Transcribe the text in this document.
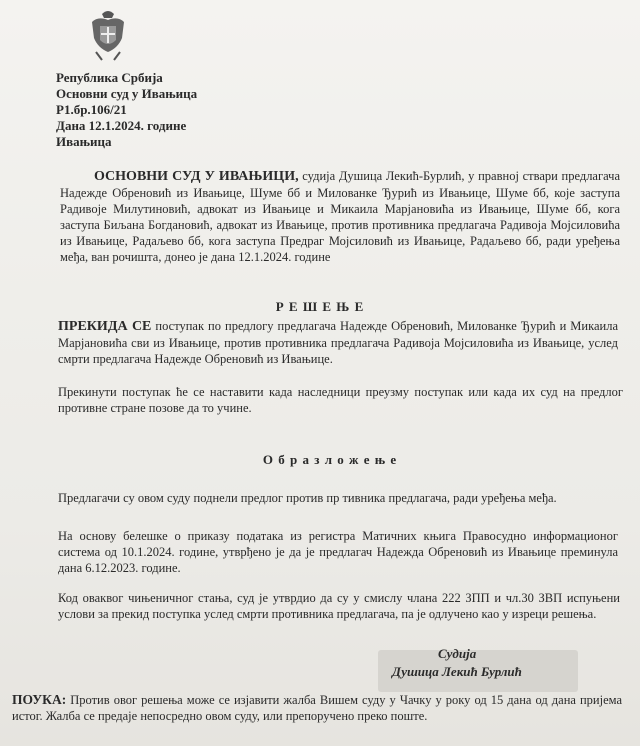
Република Србија
Основни суд у Ивањица
Р1.бр.106/21
Дана 12.1.2024. године
Ивањица

ОСНОВНИ СУД У ИВАЊИЦИ, судија Душица Лекић-Бурлић, у правној ствари предлагача Надежде Обреновић из Ивањице, Шуме бб и Милованке Ђурић из Ивањице, Шуме бб, које заступа Радивоје Милутиновић, адвокат из Ивањице и Микаила Марјановића из Ивањице, Шуме бб, кога заступа Биљана Богдановић, адвокат из Ивањице, против противника предлагача Радивоја Мојсиловића из Ивањице, Радаљево бб, кога заступа Предраг Мојсиловић из Ивањице, Радаљево бб, ради уређења међа, ван рочишта, донео је дана 12.1.2024. године

Р Е Ш Е Њ Е

ПРЕКИДА СЕ поступак по предлогу предлагача Надежде Обреновић, Милованке Ђурић и Микаила Марјановића сви из Ивањице, против противника предлагача Радивоја Мојсиловића из Ивањице, услед смрти предлагача Надежде Обреновић из Ивањице.

Прекинути поступак ће се наставити када наследници преузму поступак или када их суд на предлог противне стране позове да то учине.

О б р а з л о ж е њ е

Предлагачи су овом суду поднели предлог против пр тивника предлагача, ради уређења међа.

На основу белешке о приказу података из регистра Матичних књига Правосудно информационог система од 10.1.2024. године, утврђено је да је предлагач Надежда Обреновић из Ивањице преминула дана 6.12.2023. године.

Код оваквог чињеничног стања, суд је утврдио да су у смислу члана 222 ЗПП и чл.30 ЗВП испуњени услови за прекид поступка услед смрти противника предлагача, па је одлучено као у изреци решења.

Судија
Душица Лекић Бурлић

ПОУКА: Против овог решења може се изјавити жалба Вишем суду у Чачку у року од 15 дана од дана пријема истог. Жалба се предаје непосредно овом суду, или препоручено преко поште.
